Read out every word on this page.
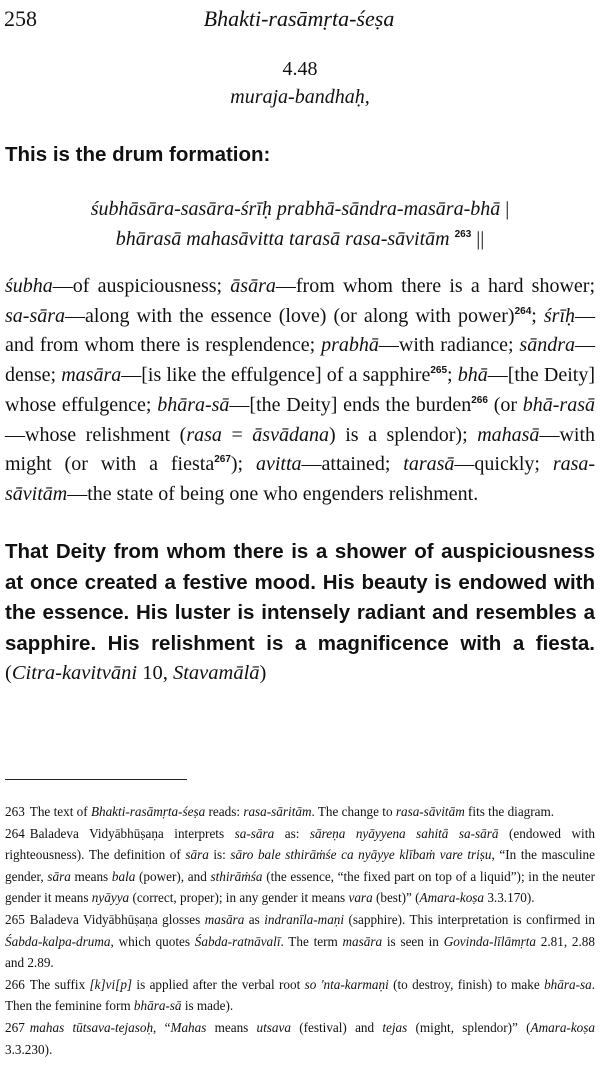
258	Bhakti-rasāmṛta-śeṣa
4.48
muraja-bandhaḥ,
This is the drum formation:
śubhāsāra-sasāra-śrīḥ prabhā-sāndra-masāra-bhā |
bhārasā mahasāvitta tarasā rasa-sāvitām $^{263}$ ||
śubha—of auspiciousness; āsāra—from whom there is a hard shower; sa-sāra—along with the essence (love) (or along with power)$^{264}$; śrīḥ—and from whom there is resplendence; prabhā—with radiance; sāndra—dense; masāra—[is like the effulgence] of a sapphire$^{265}$; bhā—[the Deity] whose effulgence; bhāra-sā—[the Deity] ends the burden$^{266}$ (or bhā-rasā—whose relishment (rasa = āsvādana) is a splendor); mahasā—with might (or with a fiesta$^{267}$); avitta—attained; tarasā—quickly; rasa-sāvitām—the state of being one who engenders relishment.
That Deity from whom there is a shower of auspiciousness at once created a festive mood. His beauty is endowed with the essence. His luster is intensely radiant and resembles a sapphire. His relishment is a magnificence with a fiesta. (Citra-kavitvāni 10, Stavamālā)

263 The text of Bhakti-rasāmṛta-śeṣa reads: rasa-sāritām. The change to rasa-sāvitām fits the diagram.

264 Baladeva Vidyābhūṣaṇa interprets sa-sāra as: sāreṇa nyāyyena sahitā sa-sārā (endowed with righteousness). The definition of sāra is: sāro bale sthirāṁśe ca nyāyye klībaṁ vare triṣu, “In the masculine gender, sāra means bala (power), and sthirāṁśa (the essence, “the fixed part on top of a liquid”); in the neuter gender it means nyāyya (correct, proper); in any gender it means vara (best)” (Amara-koṣa 3.3.170).

265 Baladeva Vidyābhūṣaṇa glosses masāra as indranīla-maṇi (sapphire). This interpretation is confirmed in Śabda-kalpa-druma, which quotes Śabda-ratnāvalī. The term masāra is seen in Govinda-līlāmṛta 2.81, 2.88 and 2.89.

266 The suffix [k]vi[p] is applied after the verbal root so 'nta-karmaṇi (to destroy, finish) to make bhāra-sa. Then the feminine form bhāra-sā is made).

267 mahas tūtsava-tejasoḥ, “Mahas means utsava (festival) and tejas (might, splendor)” (Amara-koṣa 3.3.230).
